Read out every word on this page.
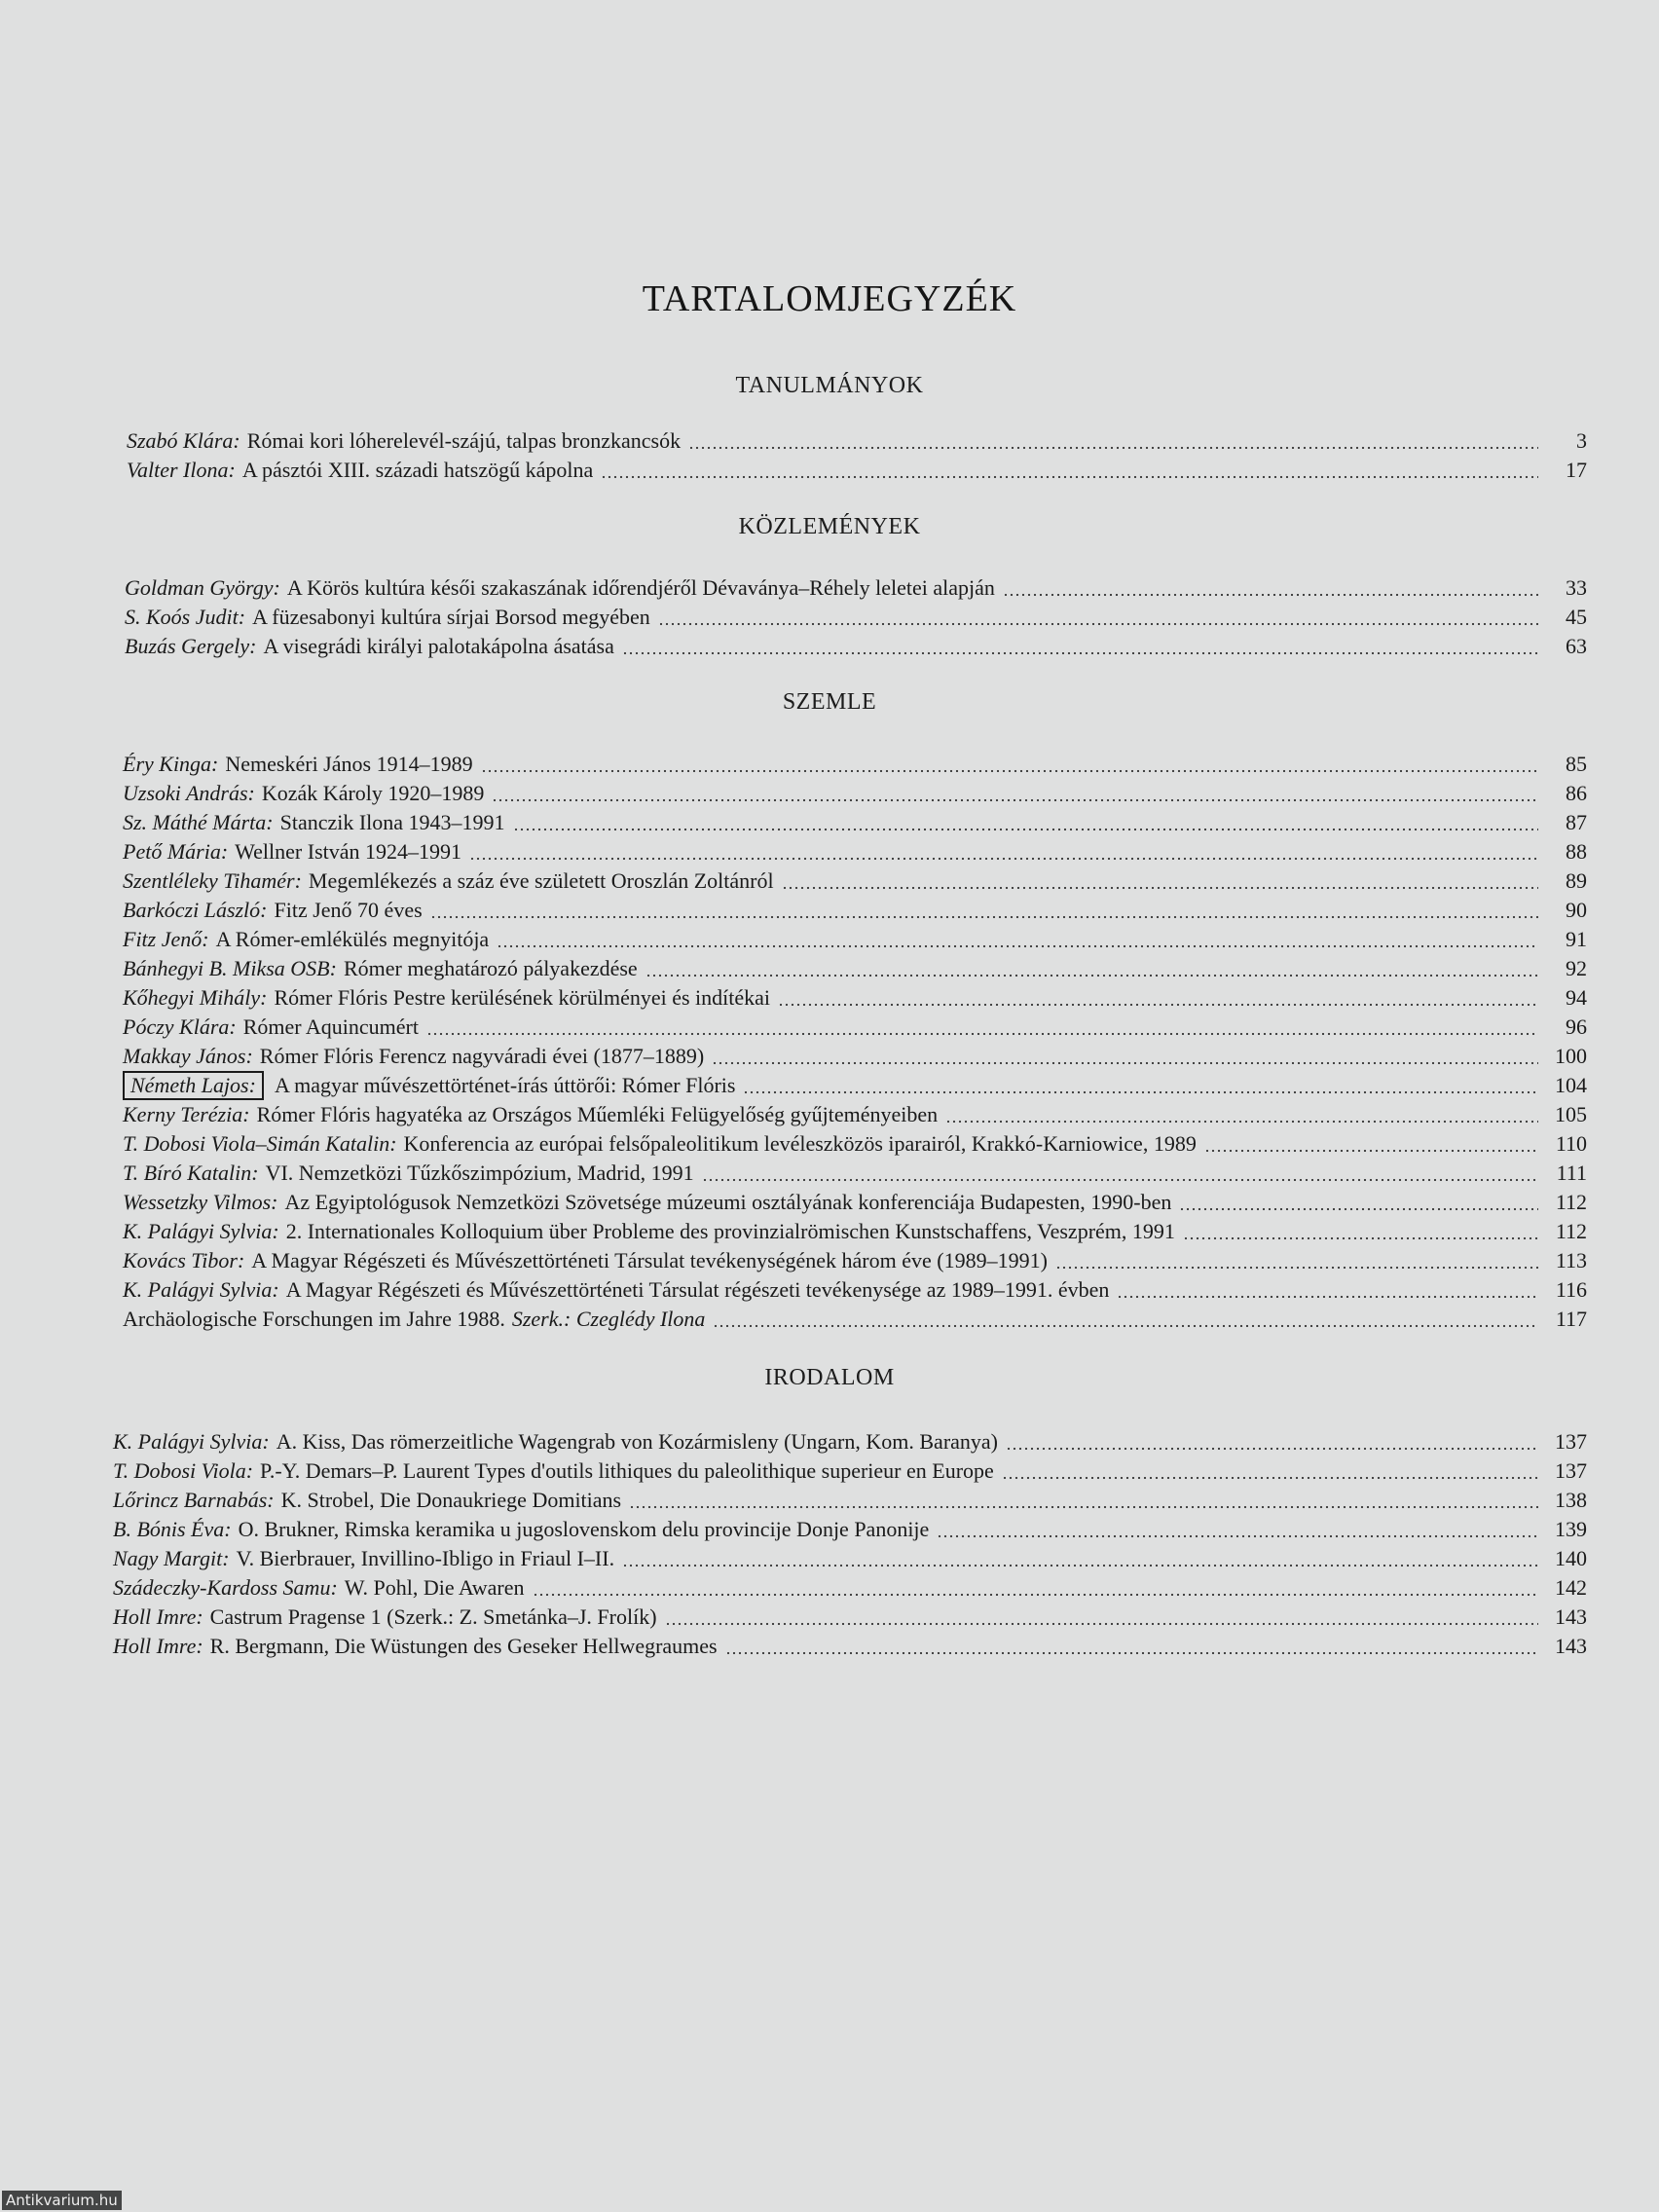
TARTALOMJEGYZÉK
TANULMÁNYOK
Szabó Klára: Római kori lóherelevél-szájú, talpas bronzkancsók	3
Valter Ilona: A pásztói XIII. századi hatszögű kápolna	17
KÖZLEMÉNYEK
Goldman György: A Körös kultúra késői szakaszának időrendjéről Dévaványa–Réhely leletei alapján	33
S. Koós Judit: A füzesabonyi kultúra sírjai Borsod megyében	45
Buzás Gergely: A visegrádi királyi palotakápolna ásatása	63
SZEMLE
Éry Kinga: Nemeskéri János 1914–1989	85
Uzsoki András: Kozák Károly 1920–1989	86
Sz. Máthé Márta: Stanczik Ilona 1943–1991	87
Pető Mária: Wellner István 1924–1991	88
Szentléleky Tihamér: Megemlékezés a száz éve született Oroszlán Zoltánról	89
Barkóczi László: Fitz Jenő 70 éves	90
Fitz Jenő: A Rómer-emlékülés megnyitója	91
Bánhegyi B. Miksa OSB: Rómer meghatározó pályakezdése	92
Kőhegyi Mihály: Rómer Flóris Pestre kerülésének körülményei és indítékai	94
Póczy Klára: Rómer Aquincumért	96
Makkay János: Rómer Flóris Ferencz nagyváradi évei (1877–1889)	100
Németh Lajos: A magyar művészettörténet-írás úttörői: Rómer Flóris	104
Kerny Terézia: Rómer Flóris hagyatéka az Országos Műemléki Felügyelőség gyűjteményeiben	105
T. Dobosi Viola–Simán Katalin: Konferencia az európai felsőpaleolitikum levéleszközös iparairól, Krakkó-Karniowice, 1989	110
T. Bíró Katalin: VI. Nemzetközi Tűzkőszimpózium, Madrid, 1991	111
Wessetzky Vilmos: Az Egyiptológusok Nemzetközi Szövetsége múzeumi osztályának konferenciája Budapesten, 1990-ben	112
K. Palágyi Sylvia: 2. Internationales Kolloquium über Probleme des provinzialrömischen Kunstschaffens, Veszprém, 1991	112
Kovács Tibor: A Magyar Régészeti és Művészettörténeti Társulat tevékenységének három éve (1989–1991)	113
K. Palágyi Sylvia: A Magyar Régészeti és Művészettörténeti Társulat régészeti tevékenysége az 1989–1991. évben	116
Archäologische Forschungen im Jahre 1988. Szerk.: Czeglédy Ilona	117
IRODALOM
K. Palágyi Sylvia: A. Kiss, Das römerzeitliche Wagengrab von Kozármisleny (Ungarn, Kom. Baranya)	137
T. Dobosi Viola: P.-Y. Demars–P. Laurent Types d'outils lithiques du paleolithique superieur en Europe	137
Lőrincz Barnabás: K. Strobel, Die Donaukriege Domitians	138
B. Bónis Éva: O. Brukner, Rimska keramika u jugoslovenskom delu provincije Donje Panonije	139
Nagy Margit: V. Bierbrauer, Invillino-Ibligo in Friaul I–II.	140
Szádeczky-Kardoss Samu: W. Pohl, Die Awaren	142
Holl Imre: Castrum Pragense 1 (Szerk.: Z. Smetánka–J. Frolík)	143
Holl Imre: R. Bergmann, Die Wüstungen des Geseker Hellwegraumes	143
Antikvarium.hu
